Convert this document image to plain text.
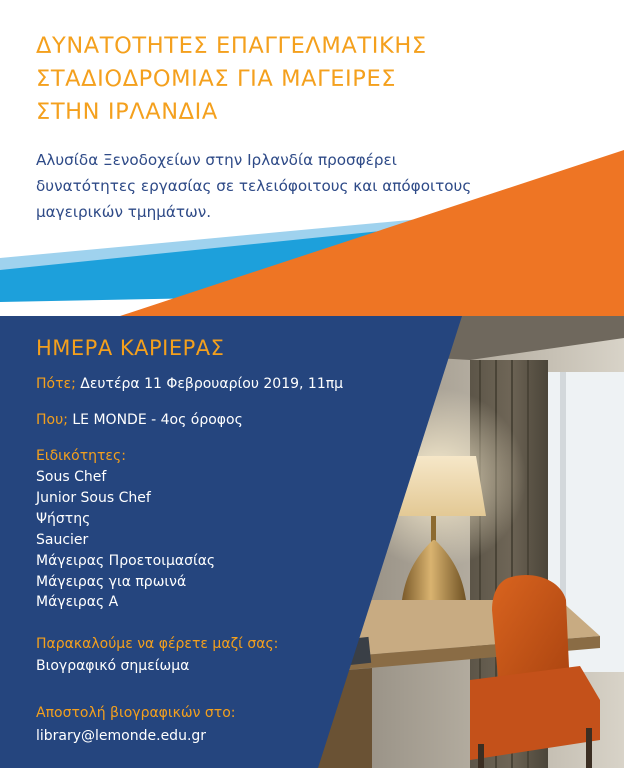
ΔΥΝΑΤΟΤΗΤΕΣ ΕΠΑΓΓΕΛΜΑΤΙΚΗΣ
ΣΤΑΔΙΟΔΡΟΜΙΑΣ ΓΙΑ ΜΑΓΕΙΡΕΣ
ΣΤΗΝ ΙΡΛΑΝΔΙΑ

Αλυσίδα Ξενοδοχείων στην Ιρλανδία προσφέρει
δυνατότητες εργασίας σε τελειόφοιτους και απόφοιτους
μαγειρικών τμημάτων.

ΗΜΕΡΑ ΚΑΡΙΕΡΑΣ
Πότε; Δευτέρα 11 Φεβρουαρίου 2019, 11πμ
Που; LE MONDE - 4ος όροφος
Ειδικότητες:
Sous Chef
Junior Sous Chef
Ψήστης
Saucier
Μάγειρας Προετοιμασίας
Μάγειρας για πρωινά
Μάγειρας Α
Παρακαλούμε να φέρετε μαζί σας:
Βιογραφικό σημείωμα
Αποστολή βιογραφικών στο:
library@lemonde.edu.gr
